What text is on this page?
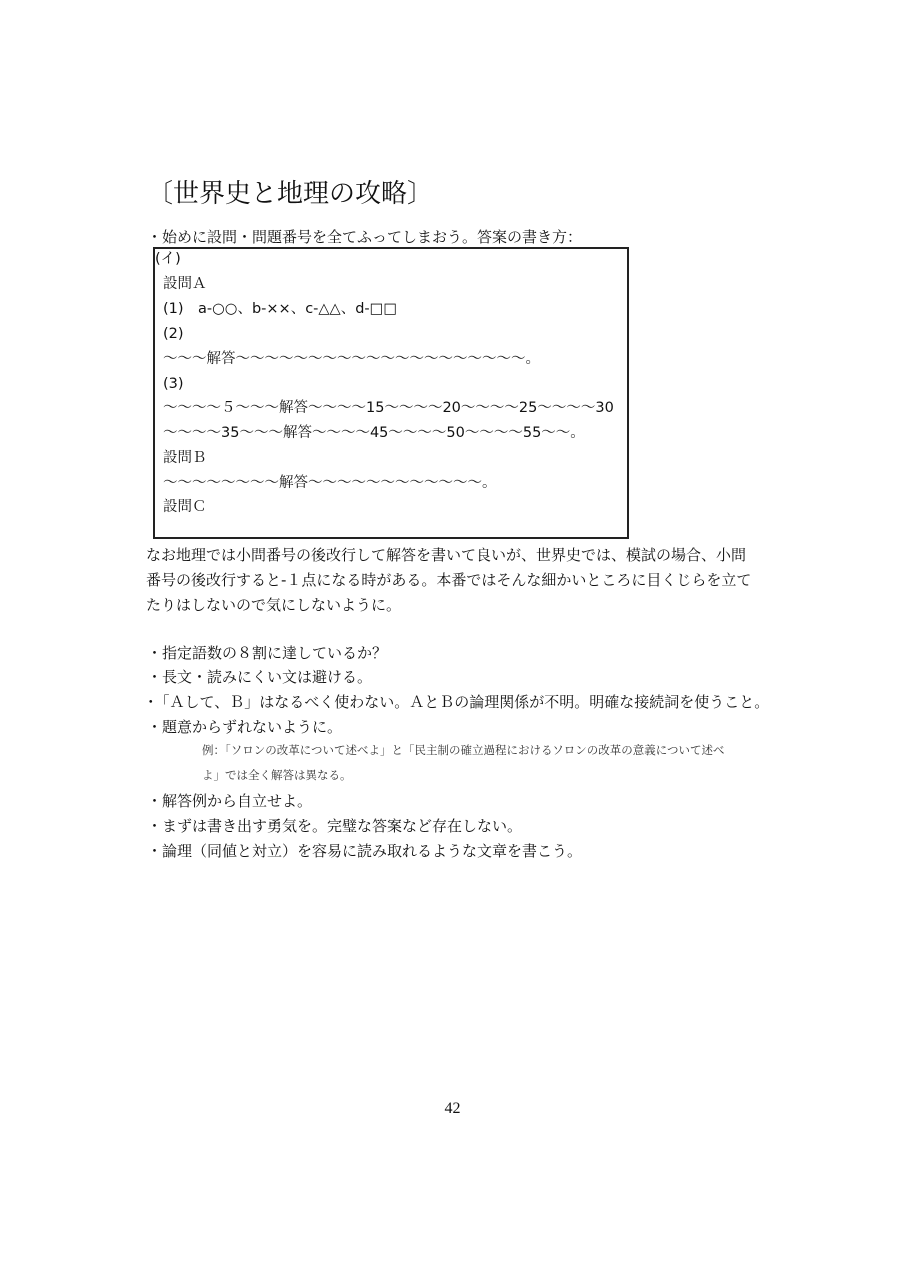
〔世界史と地理の攻略〕
・始めに設問・問題番号を全てふってしまおう。答案の書き方：
(イ)
設問Ａ
(1)　a-○○、b-××、c-△△、d-□□
(2)
〜〜〜解答〜〜〜〜〜〜〜〜〜〜〜〜〜〜〜〜〜〜〜〜。
(3)
〜〜〜〜５〜〜〜解答〜〜〜〜15〜〜〜〜20〜〜〜〜25〜〜〜〜30
〜〜〜〜35〜〜〜解答〜〜〜〜45〜〜〜〜50〜〜〜〜55〜〜。
設問Ｂ
〜〜〜〜〜〜〜〜解答〜〜〜〜〜〜〜〜〜〜〜〜。
設問Ｃ
なお地理では小問番号の後改行して解答を書いて良いが、世界史では、模試の場合、小問
番号の後改行すると-１点になる時がある。本番ではそんな細かいところに目くじらを立て
たりはしないので気にしないように。
・指定語数の８割に達しているか？
・長文・読みにくい文は避ける。
･「Ａして、Ｂ」はなるべく使わない。ＡとＢの論理関係が不明。明確な接続詞を使うこと。
・題意からずれないように。
例：「ソロンの改革について述べよ」と「民主制の確立過程におけるソロンの改革の意義について述べ
よ」では全く解答は異なる。
・解答例から自立せよ。
・まずは書き出す勇気を。完璧な答案など存在しない。
・論理（同値と対立）を容易に読み取れるような文章を書こう。
42
